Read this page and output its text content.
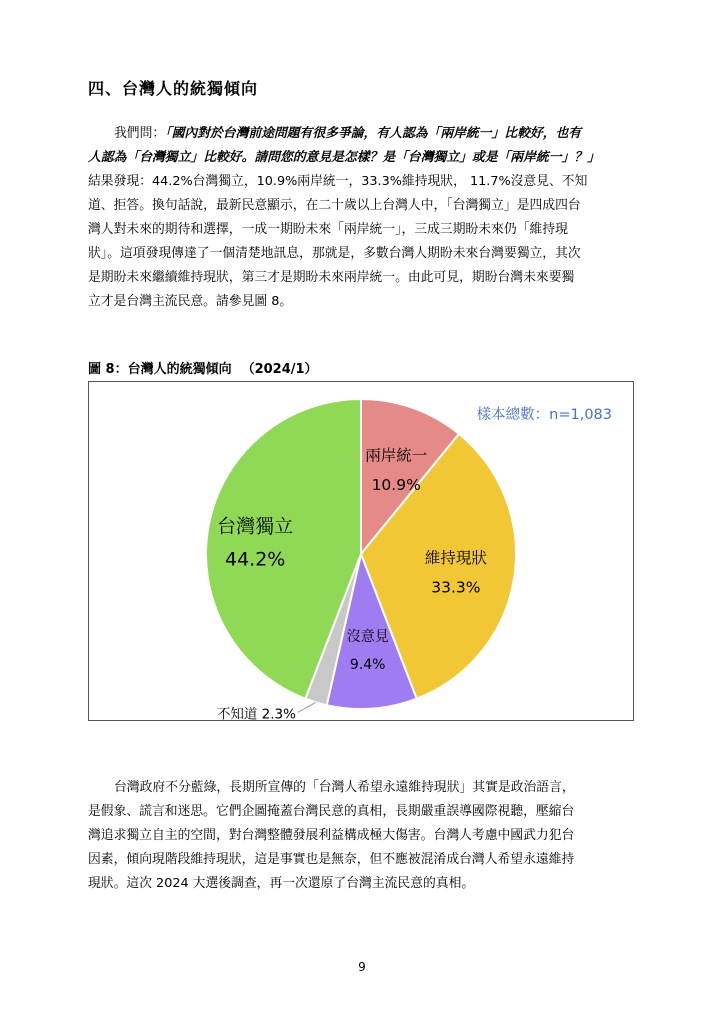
四、台灣人的統獨傾向
我們問：「國內對於台灣前途問題有很多爭論，有人認為「兩岸統一」比較好，也有
人認為「台灣獨立」比較好。請問您的意見是怎樣？是「台灣獨立」或是「兩岸統一」？」
結果發現：44.2%台灣獨立，10.9%兩岸統一，33.3%維持現狀， 11.7%沒意見、不知
道、拒答。換句話說，最新民意顯示，在二十歲以上台灣人中，「台灣獨立」是四成四台
灣人對未來的期待和選擇，一成一期盼未來「兩岸統一」，三成三期盼未來仍「維持現
狀」。這項發現傳達了一個清楚地訊息，那就是，多數台灣人期盼未來台灣要獨立，其次
是期盼未來繼續維持現狀，第三才是期盼未來兩岸統一。由此可見，期盼台灣未來要獨
立才是台灣主流民意。請參見圖 8。
圖 8：台灣人的統獨傾向 （2024/1）
兩岸統一
10.9%
維持現狀
33.3%
沒意見
9.4%
不知道 2.3%
台灣獨立
44.2%
樣本總數：n=1,083
台灣政府不分藍綠，長期所宣傳的「台灣人希望永遠維持現狀」其實是政治語言，
是假象、謊言和迷思。它們企圖掩蓋台灣民意的真相，長期嚴重誤導國際視聽，壓縮台
灣追求獨立自主的空間，對台灣整體發展利益構成極大傷害。台灣人考慮中國武力犯台
因素，傾向現階段維持現狀，這是事實也是無奈，但不應被混淆成台灣人希望永遠維持
現狀。這次 2024 大選後調查，再一次還原了台灣主流民意的真相。
9
